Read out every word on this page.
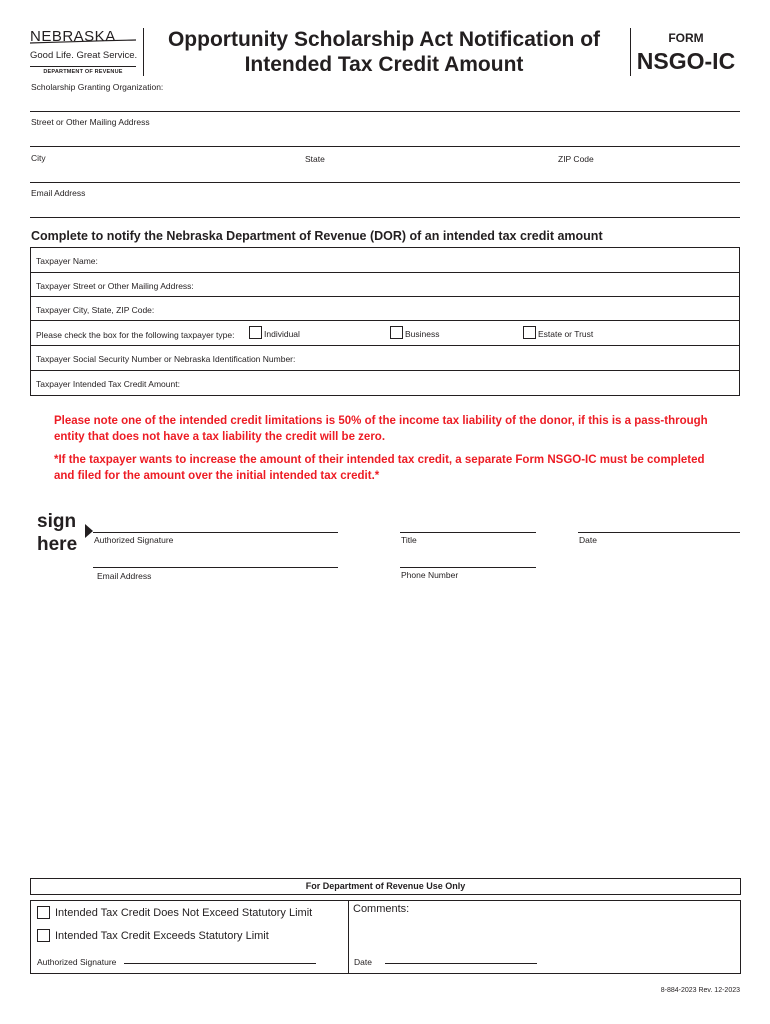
NEBRASKA
Good Life. Great Service.
DEPARTMENT OF REVENUE
Opportunity Scholarship Act Notification of
Intended Tax Credit Amount
FORM
NSGO-IC
Scholarship Granting Organization:
Street or Other Mailing Address
City	State	ZIP Code
Email Address
Complete to notify the Nebraska Department of Revenue (DOR) of an intended tax credit amount
Taxpayer Name:
Taxpayer Street or Other Mailing Address:
Taxpayer City, State, ZIP Code:
Please check the box for the following taxpayer type:	Individual	Business	Estate or Trust
Taxpayer Social Security Number or Nebraska Identification Number:
Taxpayer Intended Tax Credit Amount:
Please note one of the intended credit limitations is 50% of the income tax liability of the donor, if this is a pass-through entity that does not have a tax liability the credit will be zero.
*If the taxpayer wants to increase the amount of their intended tax credit, a separate Form NSGO-IC must be completed and filed for the amount over the initial intended tax credit.*
sign
here Authorized Signature	Title	Date
Email Address	Phone Number
For Department of Revenue Use Only
Intended Tax Credit Does Not Exceed Statutory Limit
Intended Tax Credit Exceeds Statutory Limit
Comments:
Authorized Signature	Date
8-884-2023 Rev. 12-2023
